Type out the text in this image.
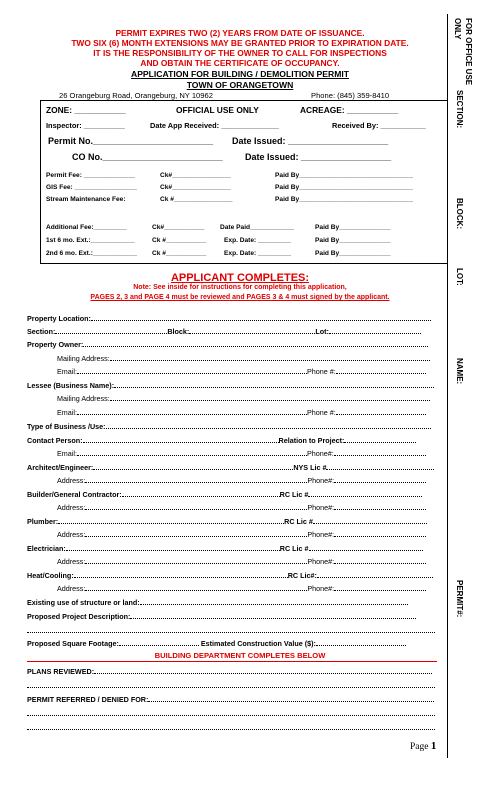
PERMIT EXPIRES TWO (2) YEARS FROM DATE OF ISSUANCE.
TWO SIX (6) MONTH EXTENSIONS MAY BE GRANTED PRIOR TO EXPIRATION DATE.
IT IS THE RESPONSIBILITY OF THE OWNER TO CALL FOR INSPECTIONS
AND OBTAIN THE CERTIFICATE OF OCCUPANCY.
APPLICATION FOR BUILDING / DEMOLITION PERMIT
TOWN OF ORANGETOWN
26 Orangeburg Road, Orangeburg, NY 10962	Phone: (845) 359-8410
ZONE: ___________	OFFICIAL USE ONLY	ACREAGE: ___________
Inspector: __________	Date App Received: ______________	Received By: ___________
Permit No.________________________ Date Issued: ____________________
CO No.________________________ Date Issued: __________________
Permit Fee: ______________	Ck#________________	Paid By_______________________________
GIS Fee: _________________	Ck#________________	Paid By_______________________________
Stream Maintenance Fee:	Ck #________________	Paid By_______________________________
Additional Fee:_________	Ck#___________ Date Paid____________	Paid By______________
1st 6 mo. Ext.:____________	Ck #___________	Exp. Date: _________	Paid By______________
2nd 6 mo. Ext.:____________ Ck #___________	Exp. Date: _________	Paid By______________
APPLICANT COMPLETES:
Note: See inside for instructions for completing this application,
PAGES 2, 3 and PAGE 4 must be reviewed and PAGES 3 & 4 must signed by the applicant.
Property Location:
Section:	Block:	Lot:
Property Owner:
Mailing Address:
Email:	Phone #:
Lessee (Business Name):
Mailing Address:
Email:	Phone #:
Type of Business /Use:
Contact Person:	Relation to Project:
Email:	Phone#:
Architect/Engineer:	NYS Lic #
Address:	Phone#:
Builder/General Contractor:	RC Lic #
Address:	Phone#:
Plumber:	RC Lic #
Address:	Phone#:
Electrician:	RC Lic #
Address:	Phone#:
Heat/Cooling:	RC Lic#:
Address:	Phone#:
Existing use of structure or land:
Proposed Project Description:
Proposed Square Footage:	Estimated Construction Value ($):
BUILDING DEPARTMENT COMPLETES BELOW
PLANS REVIEWED:
PERMIT REFERRED / DENIED FOR:
FOR OFFICE USE ONLY
SECTION:
BLOCK:
LOT:
NAME:
PERMIT#:
Page 1
